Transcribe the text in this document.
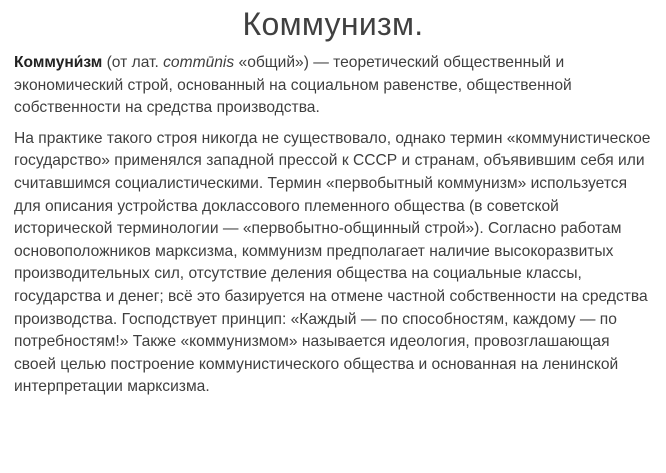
Коммунизм.

Коммуни́зм (от лат. commūnis «общий») — теоретический общественный и экономический строй, основанный на социальном равенстве, общественной собственности на средства производства.

На практике такого строя никогда не существовало, однако термин «коммунистическое государство» применялся западной прессой к СССР и странам, объявившим себя или считавшимся социалистическими. Термин «первобытный коммунизм» используется для описания устройства доклассового племенного общества (в советской исторической терминологии — «первобытно-общинный строй»). Согласно работам основоположников марксизма, коммунизм предполагает наличие высокоразвитых производительных сил, отсутствие деления общества на социальные классы, государства и денег; всё это базируется на отмене частной собственности на средства производства. Господствует принцип: «Каждый — по способностям, каждому — по потребностям!» Также «коммунизмом» называется идеология, провозглашающая своей целью построение коммунистического общества и основанная на ленинской интерпретации марксизма.
